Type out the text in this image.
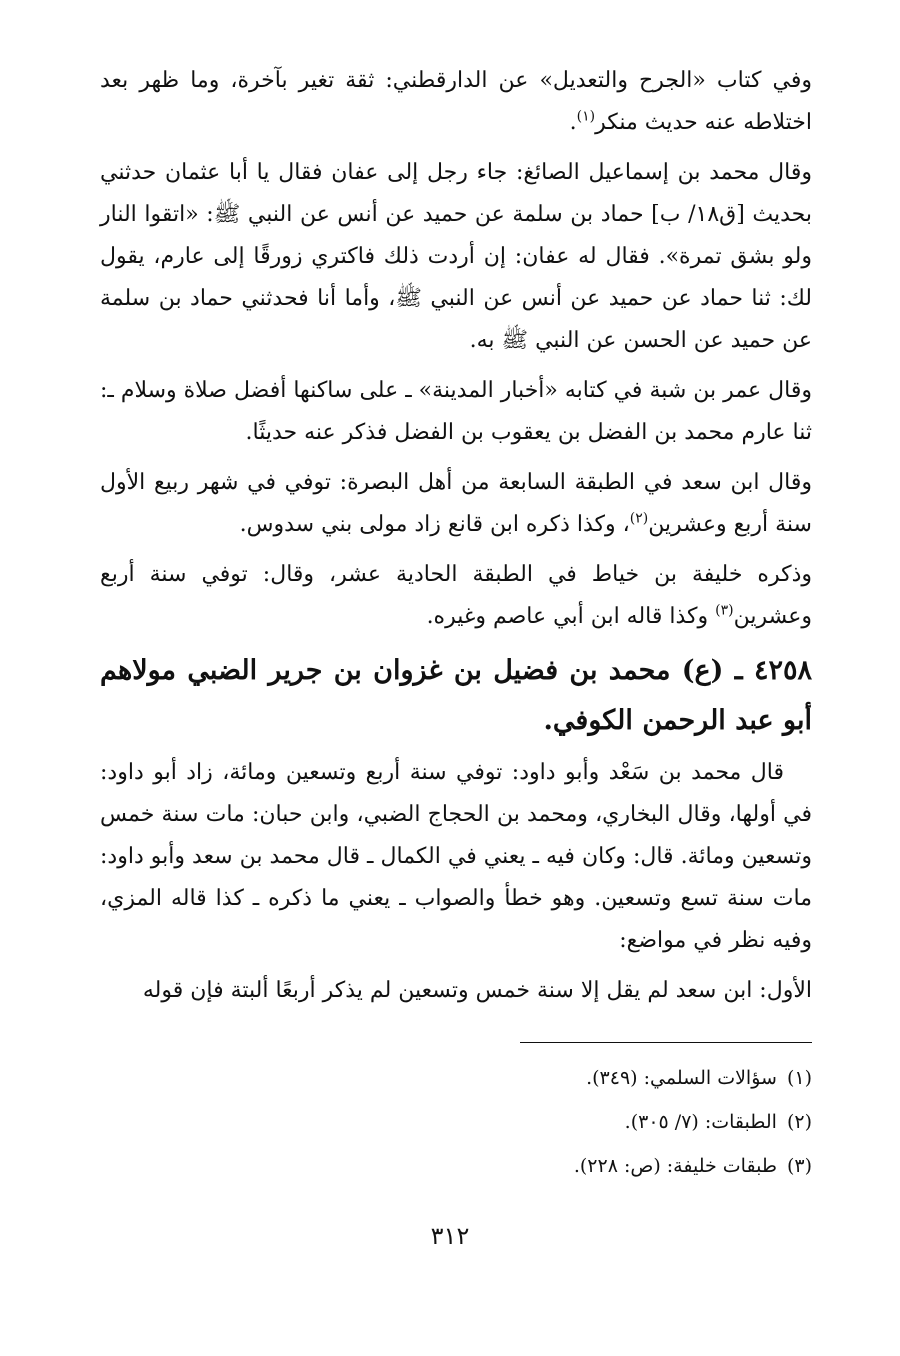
وفي كتاب «الجرح والتعديل» عن الدارقطني: ثقة تغير بآخرة، وما ظهر بعد اختلاطه عنه حديث منكر$^{(١)}$.

وقال محمد بن إسماعيل الصائغ: جاء رجل إلى عفان فقال يا أبا عثمان حدثني بحديث [ق١٨/ ب] حماد بن سلمة عن حميد عن أنس عن النبي ﷺ: «اتقوا النار ولو بشق تمرة». فقال له عفان: إن أردت ذلك فاكتري زورقًا إلى عارم، يقول لك: ثنا حماد عن حميد عن أنس عن النبي ﷺ، وأما أنا فحدثني حماد بن سلمة عن حميد عن الحسن عن النبي ﷺ به.

وقال عمر بن شبة في كتابه «أخبار المدينة» ـ على ساكنها أفضل صلاة وسلام ـ: ثنا عارم محمد بن الفضل بن يعقوب بن الفضل فذكر عنه حديثًا.

وقال ابن سعد في الطبقة السابعة من أهل البصرة: توفي في شهر ربيع الأول سنة أربع وعشرين$^{(٢)}$، وكذا ذكره ابن قانع زاد مولى بني سدوس.

وذكره خليفة بن خياط في الطبقة الحادية عشر، وقال: توفي سنة أربع وعشرين$^{(٣)}$ وكذا قاله ابن أبي عاصم وغيره.

٤٢٥٨ ـ (ع) محمد بن فضيل بن غزوان بن جرير الضبي مولاهم أبو عبد الرحمن الكوفي.

قال محمد بن سَعْد وأبو داود: توفي سنة أربع وتسعين ومائة، زاد أبو داود: في أولها، وقال البخاري، ومحمد بن الحجاج الضبي، وابن حبان: مات سنة خمس وتسعين ومائة. قال: وكان فيه ـ يعني في الكمال ـ قال محمد بن سعد وأبو داود: مات سنة تسع وتسعين. وهو خطأ والصواب ـ يعني ما ذكره ـ كذا قاله المزي، وفيه نظر في مواضع:

الأول: ابن سعد لم يقل إلا سنة خمس وتسعين لم يذكر أربعًا ألبتة فإن قوله

(١)سؤالات السلمي: (٣٤٩).

(٢)الطبقات: (٧/ ٣٠٥).

(٣)طبقات خليفة: (ص: ٢٢٨).

٣١٢
